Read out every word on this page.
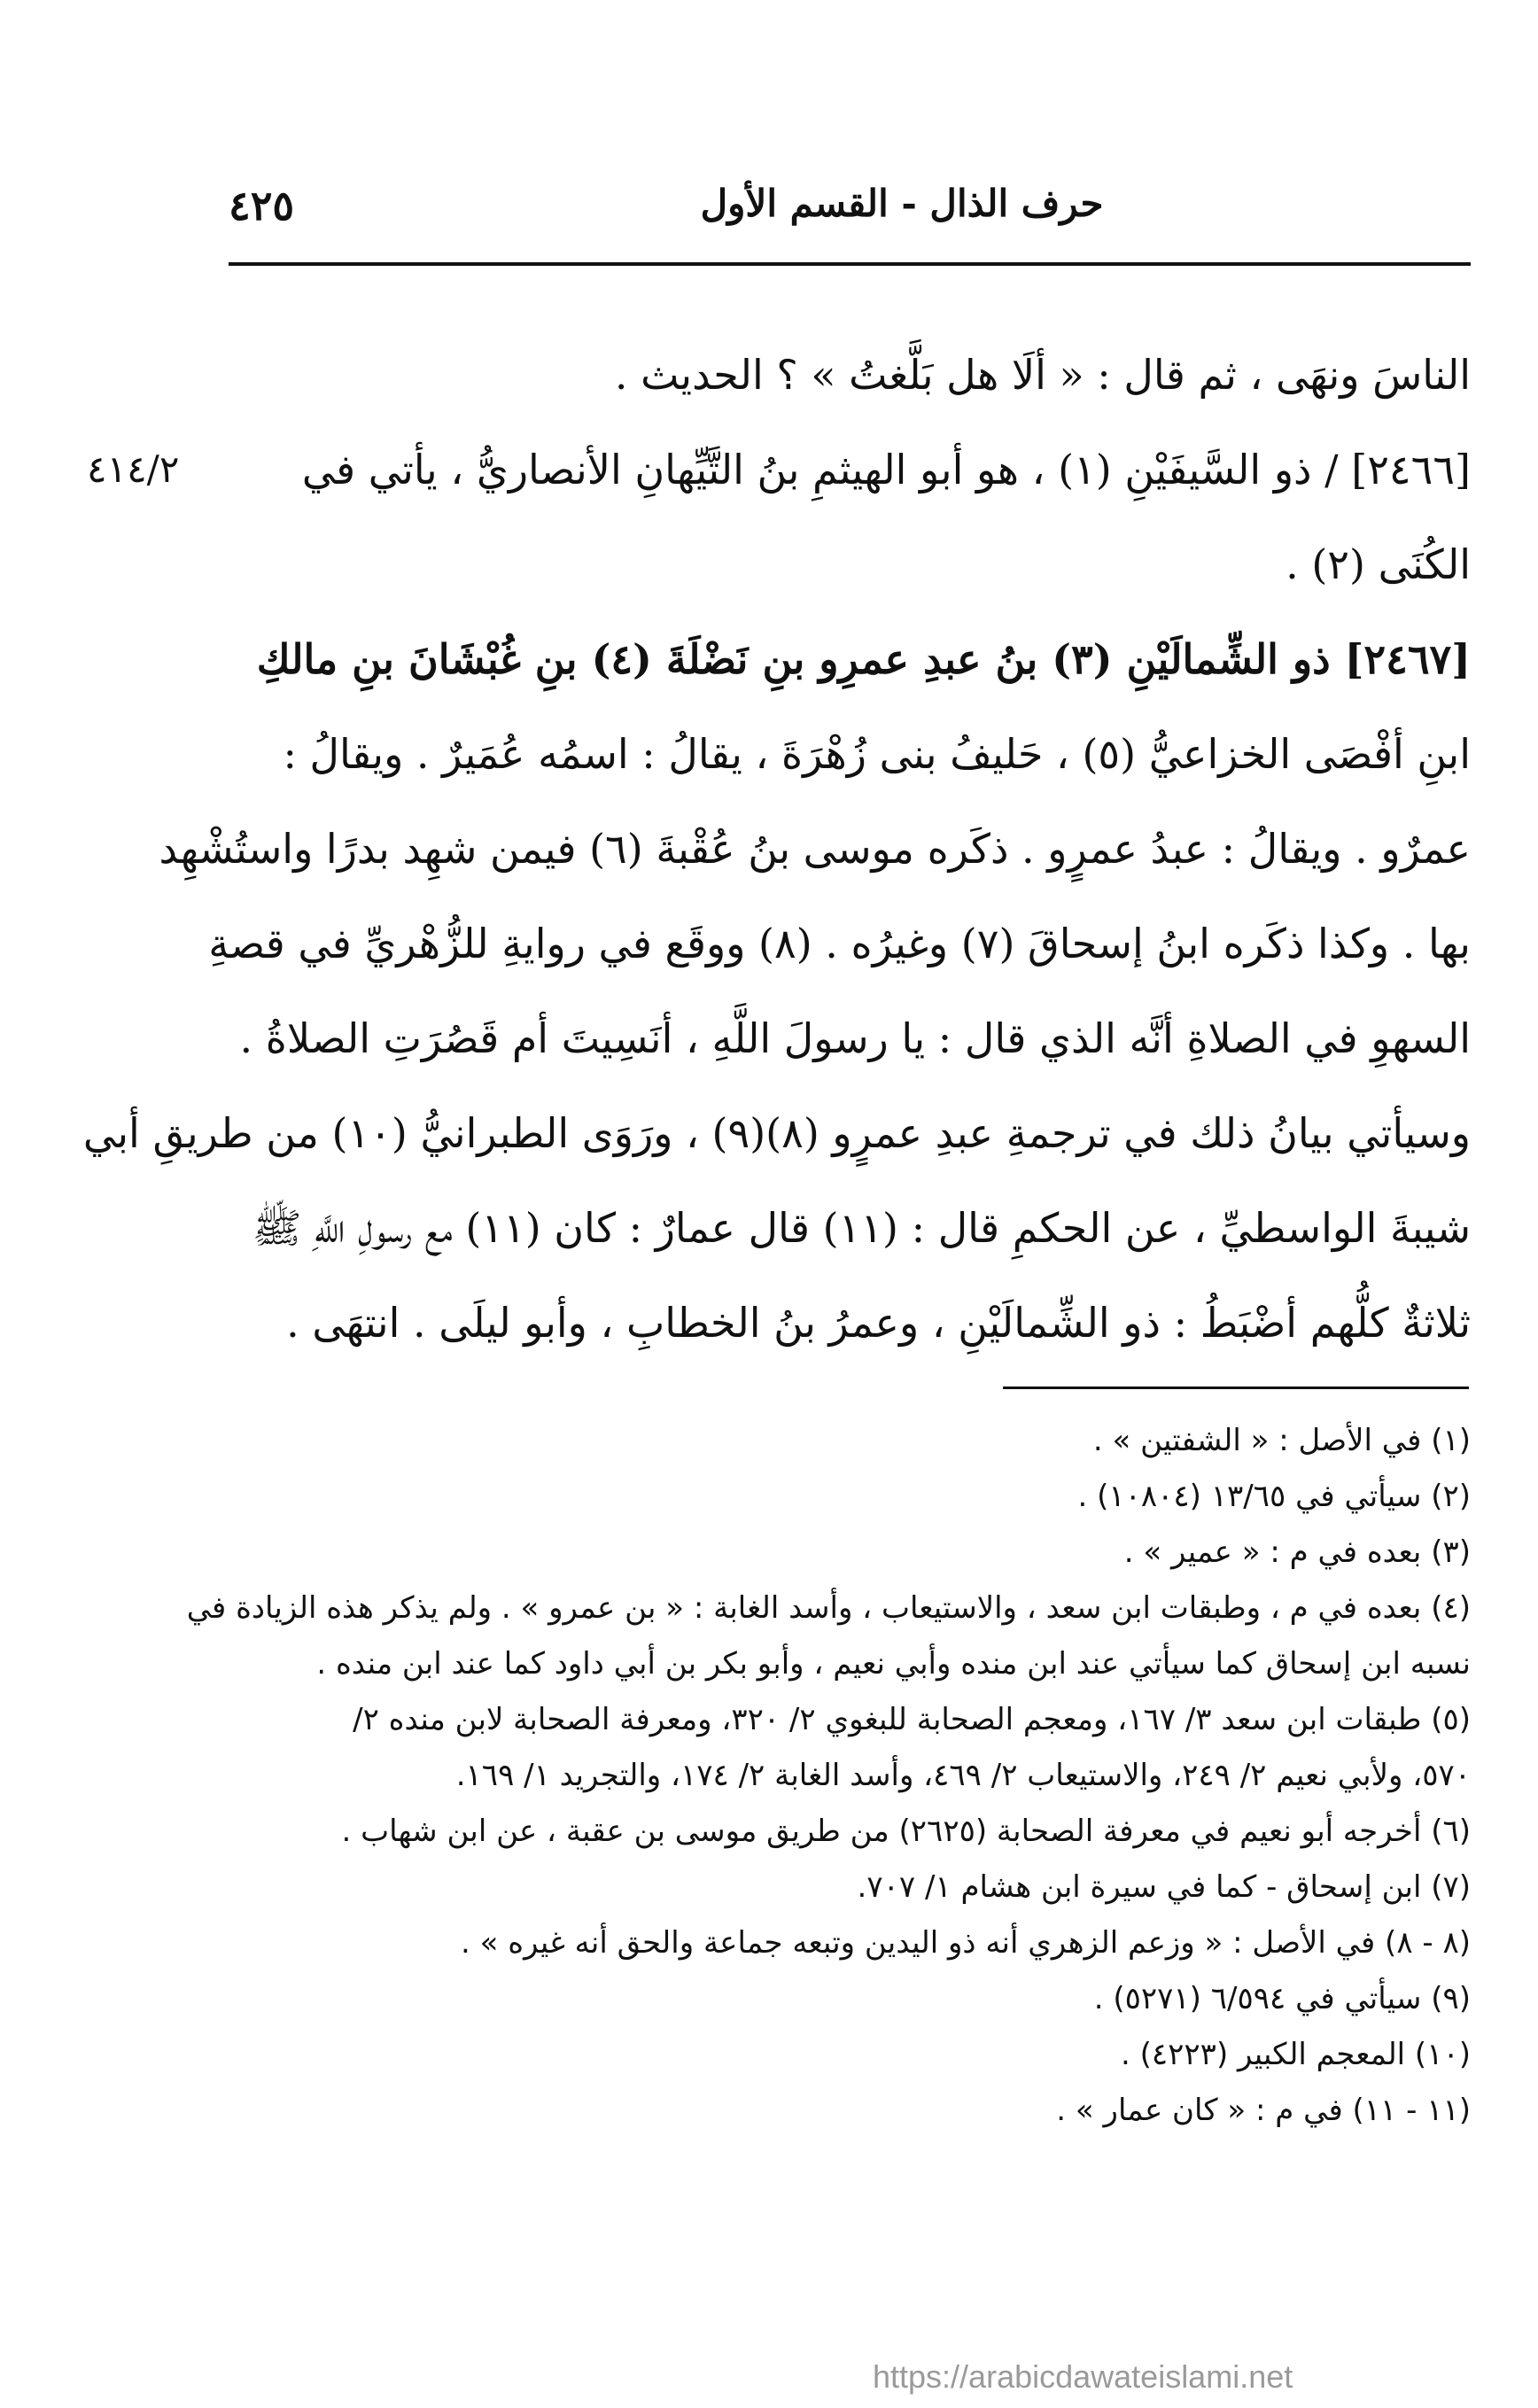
٤٢٥	حرف الذال - القسم الأول
٤١٤/٢
الناسَ ونهَى ، ثم قال : « ألَا هل بَلَّغتُ » ؟ الحديث .
[٢٤٦٦] / ذو السَّيفَيْنِ (١) ، هو أبو الهيثمِ بنُ التَّيِّهانِ الأنصاريُّ ، يأتي في
الكُنَى (٢) .
[٢٤٦٧] ذو الشِّمالَيْنِ (٣) بنُ عبدِ عمرِو بنِ نَضْلَةَ (٤) بنِ غُبْشَانَ بنِ مالكِ
ابنِ أفْصَى الخزاعيُّ (٥) ، حَليفُ بنى زُهْرَةَ ، يقالُ : اسمُه عُمَيرٌ . ويقالُ :
عمرٌو . ويقالُ : عبدُ عمرٍو . ذكَره موسى بنُ عُقْبةَ (٦) فيمن شهِد بدرًا واستُشْهِد
بها . وكذا ذكَره ابنُ إسحاقَ (٧) وغيرُه . (٨) ووقَع في روايةِ للزُّهْريِّ في قصةِ
السهوِ في الصلاةِ أنَّه الذي قال : يا رسولَ اللَّهِ ، أنَسِيتَ أم قَصُرَتِ الصلاةُ .
وسيأتي بيانُ ذلك في ترجمةِ عبدِ عمرٍو (٨)(٩) ، ورَوَى الطبرانيُّ (١٠) من طريقِ أبي
شيبةَ الواسطيِّ ، عن الحكمِ قال : (١١) قال عمارٌ : كان (١١) مع رسولِ اللَّهِ ﷺ
ثلاثةٌ كلُّهم أضْبَطُ : ذو الشِّمالَيْنِ ، وعمرُ بنُ الخطابِ ، وأبو ليلَى . انتهَى .
(١) في الأصل : « الشفتين » .
(٢) سيأتي في ١٣/٦٥ (١٠٨٠٤) .
(٣) بعده في م : « عمير » .
(٤) بعده في م ، وطبقات ابن سعد ، والاستيعاب ، وأسد الغابة : « بن عمرو » . ولم يذكر هذه الزيادة في
نسبه ابن إسحاق كما سيأتي عند ابن منده وأبي نعيم ، وأبو بكر بن أبي داود كما عند ابن منده .
(٥) طبقات ابن سعد ٣/ ١٦٧، ومعجم الصحابة للبغوي ٢/ ٣٢٠، ومعرفة الصحابة لابن منده ٢/
٥٧٠، ولأبي نعيم ٢/ ٢٤٩، والاستيعاب ٢/ ٤٦٩، وأسد الغابة ٢/ ١٧٤، والتجريد ١/ ١٦٩.
(٦) أخرجه أبو نعيم في معرفة الصحابة (٢٦٢٥) من طريق موسى بن عقبة ، عن ابن شهاب .
(٧) ابن إسحاق - كما في سيرة ابن هشام ١/ ٧٠٧.
(٨ - ٨) في الأصل : « وزعم الزهري أنه ذو اليدين وتبعه جماعة والحق أنه غيره » .
(٩) سيأتي في ٦/٥٩٤ (٥٢٧١) .
(١٠) المعجم الكبير (٤٢٢٣) .
(١١ - ١١) في م : « كان عمار » .
https://arabicdawateislami.net
